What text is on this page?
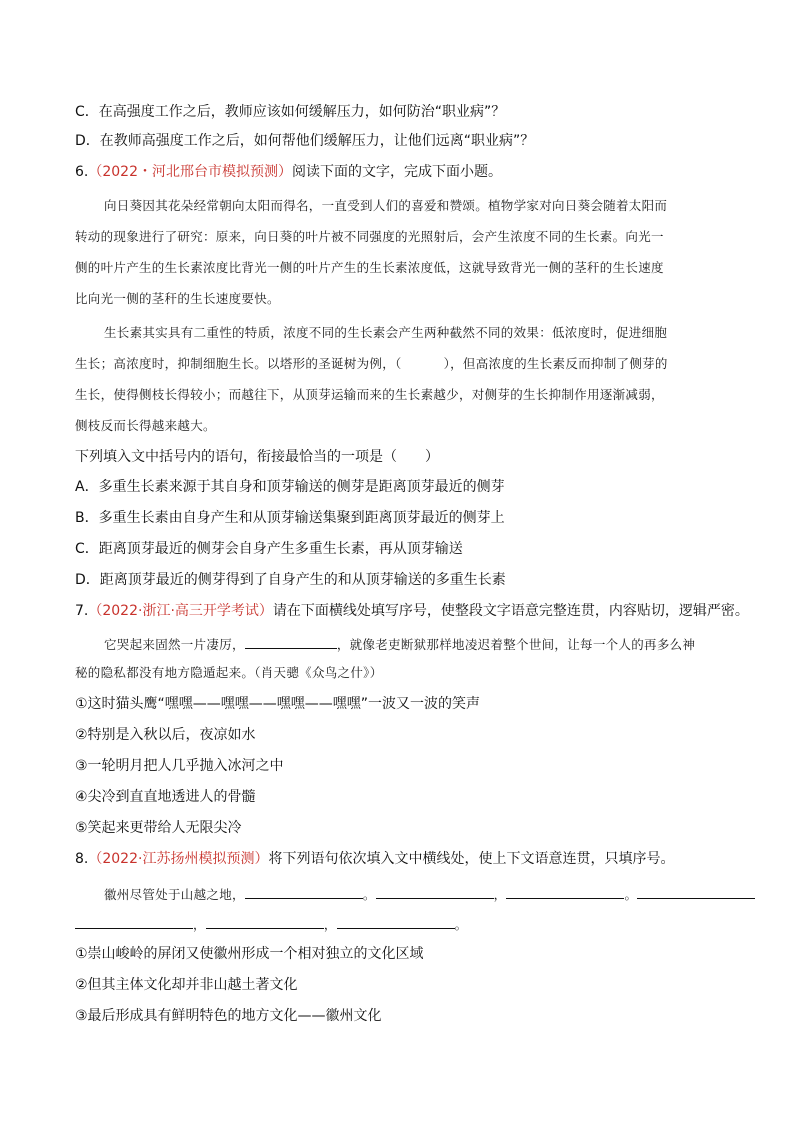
C．在高强度工作之后，教师应该如何缓解压力，如何防治“职业病”？
D．在教师高强度工作之后，如何帮他们缓解压力，让他们远离“职业病”？
6.（2022・河北邢台市模拟预测）阅读下面的文字，完成下面小题。
向日葵因其花朵经常朝向太阳而得名，一直受到人们的喜爱和赞颂。植物学家对向日葵会随着太阳而
转动的现象进行了研究：原来，向日葵的叶片被不同强度的光照射后，会产生浓度不同的生长素。向光一
侧的叶片产生的生长素浓度比背光一侧的叶片产生的生长素浓度低，这就导致背光一侧的茎秆的生长速度
比向光一侧的茎秆的生长速度要快。
生长素其实具有二重性的特质，浓度不同的生长素会产生两种截然不同的效果：低浓度时，促进细胞
生长；高浓度时，抑制细胞生长。以塔形的圣诞树为例，（	），但高浓度的生长素反而抑制了侧芽的
生长，使得侧枝长得较小；而越往下，从顶芽运输而来的生长素越少，对侧芽的生长抑制作用逐渐减弱，
侧枝反而长得越来越大。
下列填入文中括号内的语句，衔接最恰当的一项是（　　）
A．多重生长素来源于其自身和顶芽输送的侧芽是距离顶芽最近的侧芽
B．多重生长素由自身产生和从顶芽输送集聚到距离顶芽最近的侧芽上
C．距离顶芽最近的侧芽会自身产生多重生长素，再从顶芽输送
D．距离顶芽最近的侧芽得到了自身产生的和从顶芽输送的多重生长素
7.（2022·浙江·高三开学考试）请在下面横线处填写序号，使整段文字语意完整连贯，内容贴切，逻辑严密。
它哭起来固然一片凄厉，	，就像老吏断狱那样地凌迟着整个世间，让每一个人的再多么神
秘的隐私都没有地方隐遁起来。（肖天骢《众鸟之什》）
①这时猫头鹰“嘿嘿——嘿嘿——嘿嘿——嘿嘿”一波又一波的笑声
②特别是入秋以后，夜凉如水
③一轮明月把人几乎抛入冰河之中
④尖冷到直直地透进人的骨髓
⑤笑起来更带给人无限尖冷
8.（2022·江苏扬州模拟预测）将下列语句依次填入文中横线处，使上下文语意连贯，只填序号。
徽州尽管处于山越之地，	。	，	。
，	，	。
①崇山峻岭的屏闭又使徽州形成一个相对独立的文化区域
②但其主体文化却并非山越土著文化
③最后形成具有鲜明特色的地方文化——徽州文化
